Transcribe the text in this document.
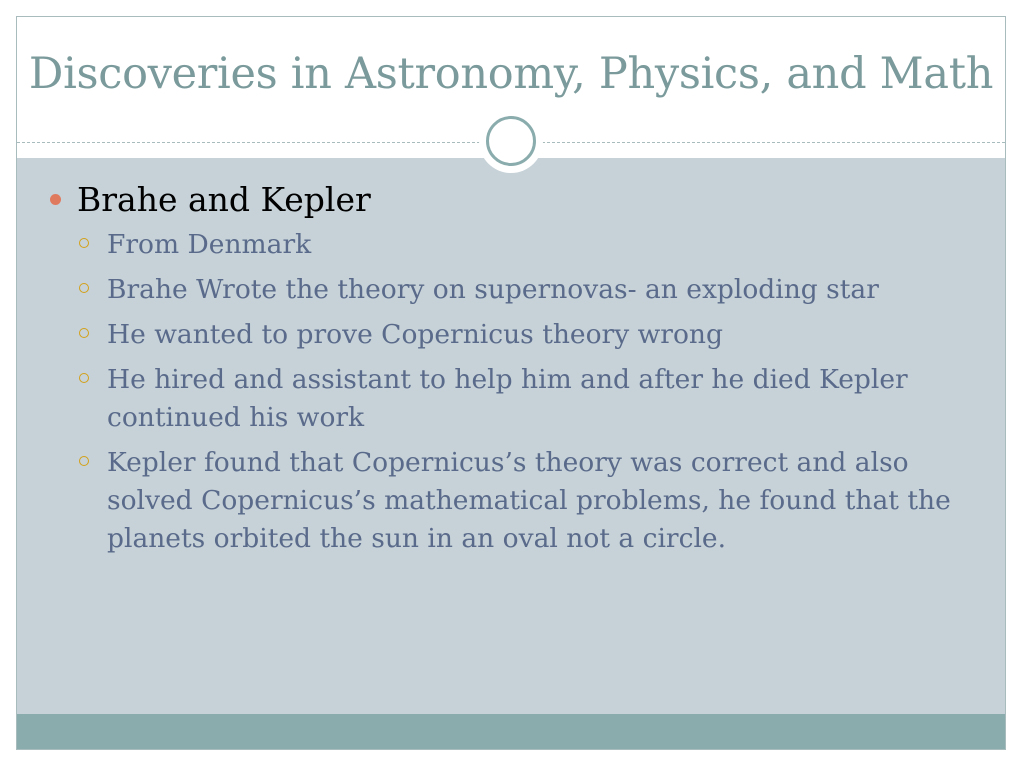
Discoveries in Astronomy, Physics, and Math
Brahe and Kepler
From Denmark
Brahe Wrote the theory on supernovas- an exploding star
He wanted to prove Copernicus theory wrong
He hired and assistant to help him and after he died Kepler continued his work
Kepler found that Copernicus’s theory was correct and also solved Copernicus’s mathematical problems, he found that the planets orbited the sun in an oval not a circle.
